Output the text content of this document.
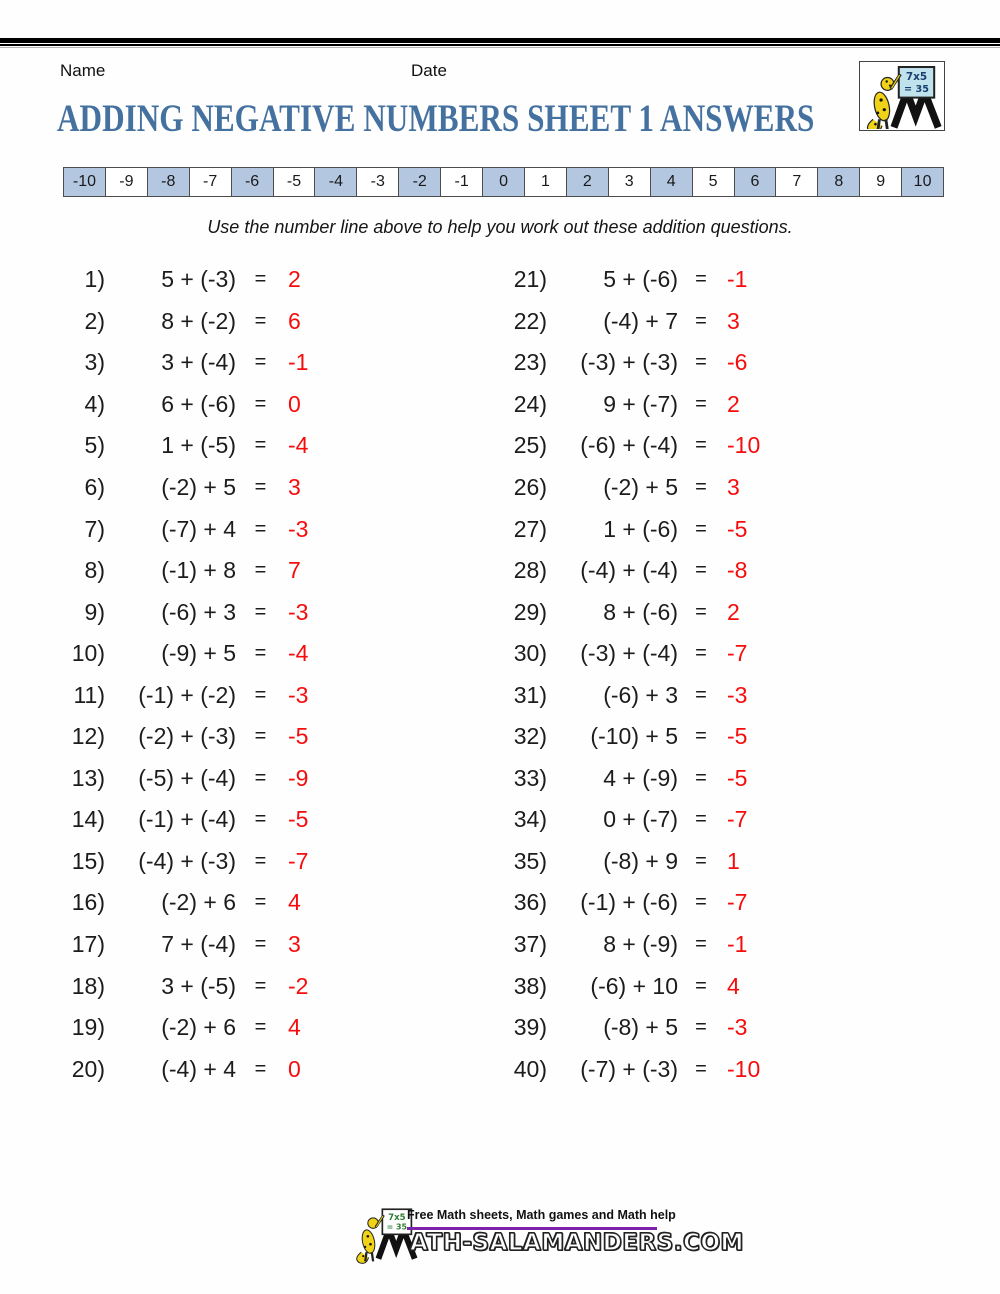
Name	Date	7x5
= 35
ADDING NEGATIVE NUMBERS SHEET 1 ANSWERS
-10	-9	-8	-7	-6	-5	-4	-3	-2	-1	0	1	2	3	4	5	6	7	8	9	10
Use the number line above to help you work out these addition questions.
1)	5 + (-3) = 2
2)	8 + (-2) = 6
3)	3 + (-4) = -1
4)	6 + (-6) = 0
5)	1 + (-5) = -4
6)	(-2) + 5 = 3
7)	(-7) + 4 = -3
8)	(-1) + 8 = 7
9)	(-6) + 3 = -3
10)	(-9) + 5 = -4
11)	(-1) + (-2) = -3
12)	(-2) + (-3) = -5
13)	(-5) + (-4) = -9
14)	(-1) + (-4) = -5
15)	(-4) + (-3) = -7
16)	(-2) + 6 = 4
17)	7 + (-4) = 3
18)	3 + (-5) = -2
19)	(-2) + 6 = 4
20)	(-4) + 4 = 0
21)	5 + (-6) = -1
22)	(-4) + 7 = 3
23)	(-3) + (-3) = -6
24)	9 + (-7) = 2
25)	(-6) + (-4) = -10
26)	(-2) + 5 = 3
27)	1 + (-6) = -5
28)	(-4) + (-4) = -8
29)	8 + (-6) = 2
30)	(-3) + (-4) = -7
31)	(-6) + 3 = -3
32)	(-10) + 5 = -5
33)	4 + (-9) = -5
34)	0 + (-7) = -7
35)	(-8) + 9 = 1
36)	(-1) + (-6) = -7
37)	8 + (-9) = -1
38)	(-6) + 10 = 4
39)	(-8) + 5 = -3
40)	(-7) + (-3) = -10
7x5
= 35
Free Math sheets, Math games and Math help
ATH-SALAMANDERS.COM
